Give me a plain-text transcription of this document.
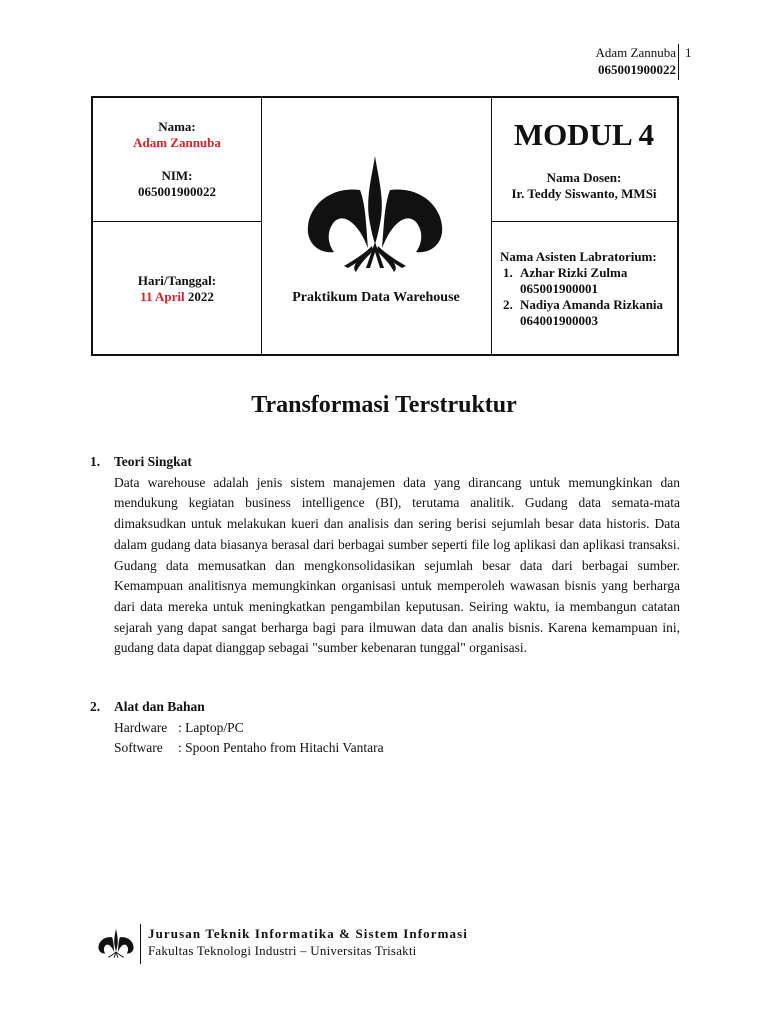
Adam Zannuba
065001900022
1
Nama:
Adam Zannuba
NIM:
065001900022
Hari/Tanggal:
11 April 2022	Praktikum Data Warehouse
MODUL 4
Nama Dosen:
Ir. Teddy Siswanto, MMSi
Nama Asisten Labratorium:
1. Azhar Rizki Zulma
065001900001
2. Nadiya Amanda Rizkania
064001900003
Transformasi Terstruktur
1. Teori Singkat
Data warehouse adalah jenis sistem manajemen data yang dirancang untuk memungkinkan dan mendukung kegiatan business intelligence (BI), terutama analitik. Gudang data semata-mata dimaksudkan untuk melakukan kueri dan analisis dan sering berisi sejumlah besar data historis. Data dalam gudang data biasanya berasal dari berbagai sumber seperti file log aplikasi dan aplikasi transaksi. Gudang data memusatkan dan mengkonsolidasikan sejumlah besar data dari berbagai sumber. Kemampuan analitisnya memungkinkan organisasi untuk memperoleh wawasan bisnis yang berharga dari data mereka untuk meningkatkan pengambilan keputusan. Seiring waktu, ia membangun catatan sejarah yang dapat sangat berharga bagi para ilmuwan data dan analis bisnis. Karena kemampuan ini, gudang data dapat dianggap sebagai "sumber kebenaran tunggal" organisasi.
2. Alat dan Bahan
Hardware : Laptop/PC
Software : Spoon Pentaho from Hitachi Vantara
Jurusan Teknik Informatika & Sistem Informasi
Fakultas Teknologi Industri – Universitas Trisakti
